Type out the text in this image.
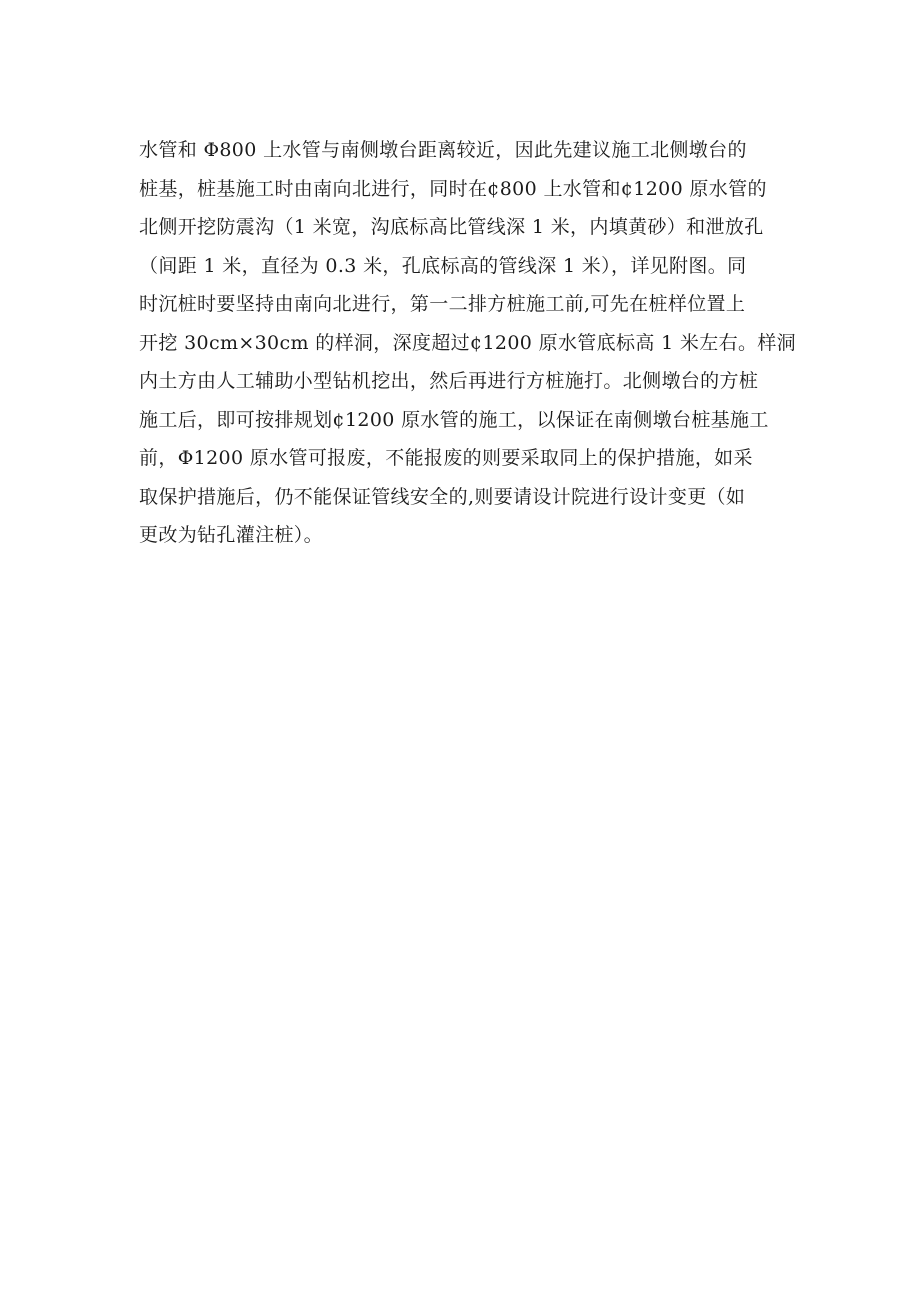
水管和 Φ800 上水管与南侧墩台距离较近，因此先建议施工北侧墩台的
桩基，桩基施工时由南向北进行，同时在¢800 上水管和¢1200 原水管的
北侧开挖防震沟（1 米宽，沟底标高比管线深 1 米，内填黄砂）和泄放孔
（间距 1 米，直径为 0.3 米，孔底标高的管线深 1 米），详见附图。同
时沉桩时要坚持由南向北进行，第一二排方桩施工前,可先在桩样位置上
开挖 30cm×30cm 的样洞，深度超过¢1200 原水管底标高 1 米左右。样洞
内土方由人工辅助小型钻机挖出，然后再进行方桩施打。北侧墩台的方桩
施工后，即可按排规划¢1200 原水管的施工，以保证在南侧墩台桩基施工
前，Φ1200 原水管可报废，不能报废的则要采取同上的保护措施，如采
取保护措施后，仍不能保证管线安全的,则要请设计院进行设计变更（如
更改为钻孔灌注桩）。
